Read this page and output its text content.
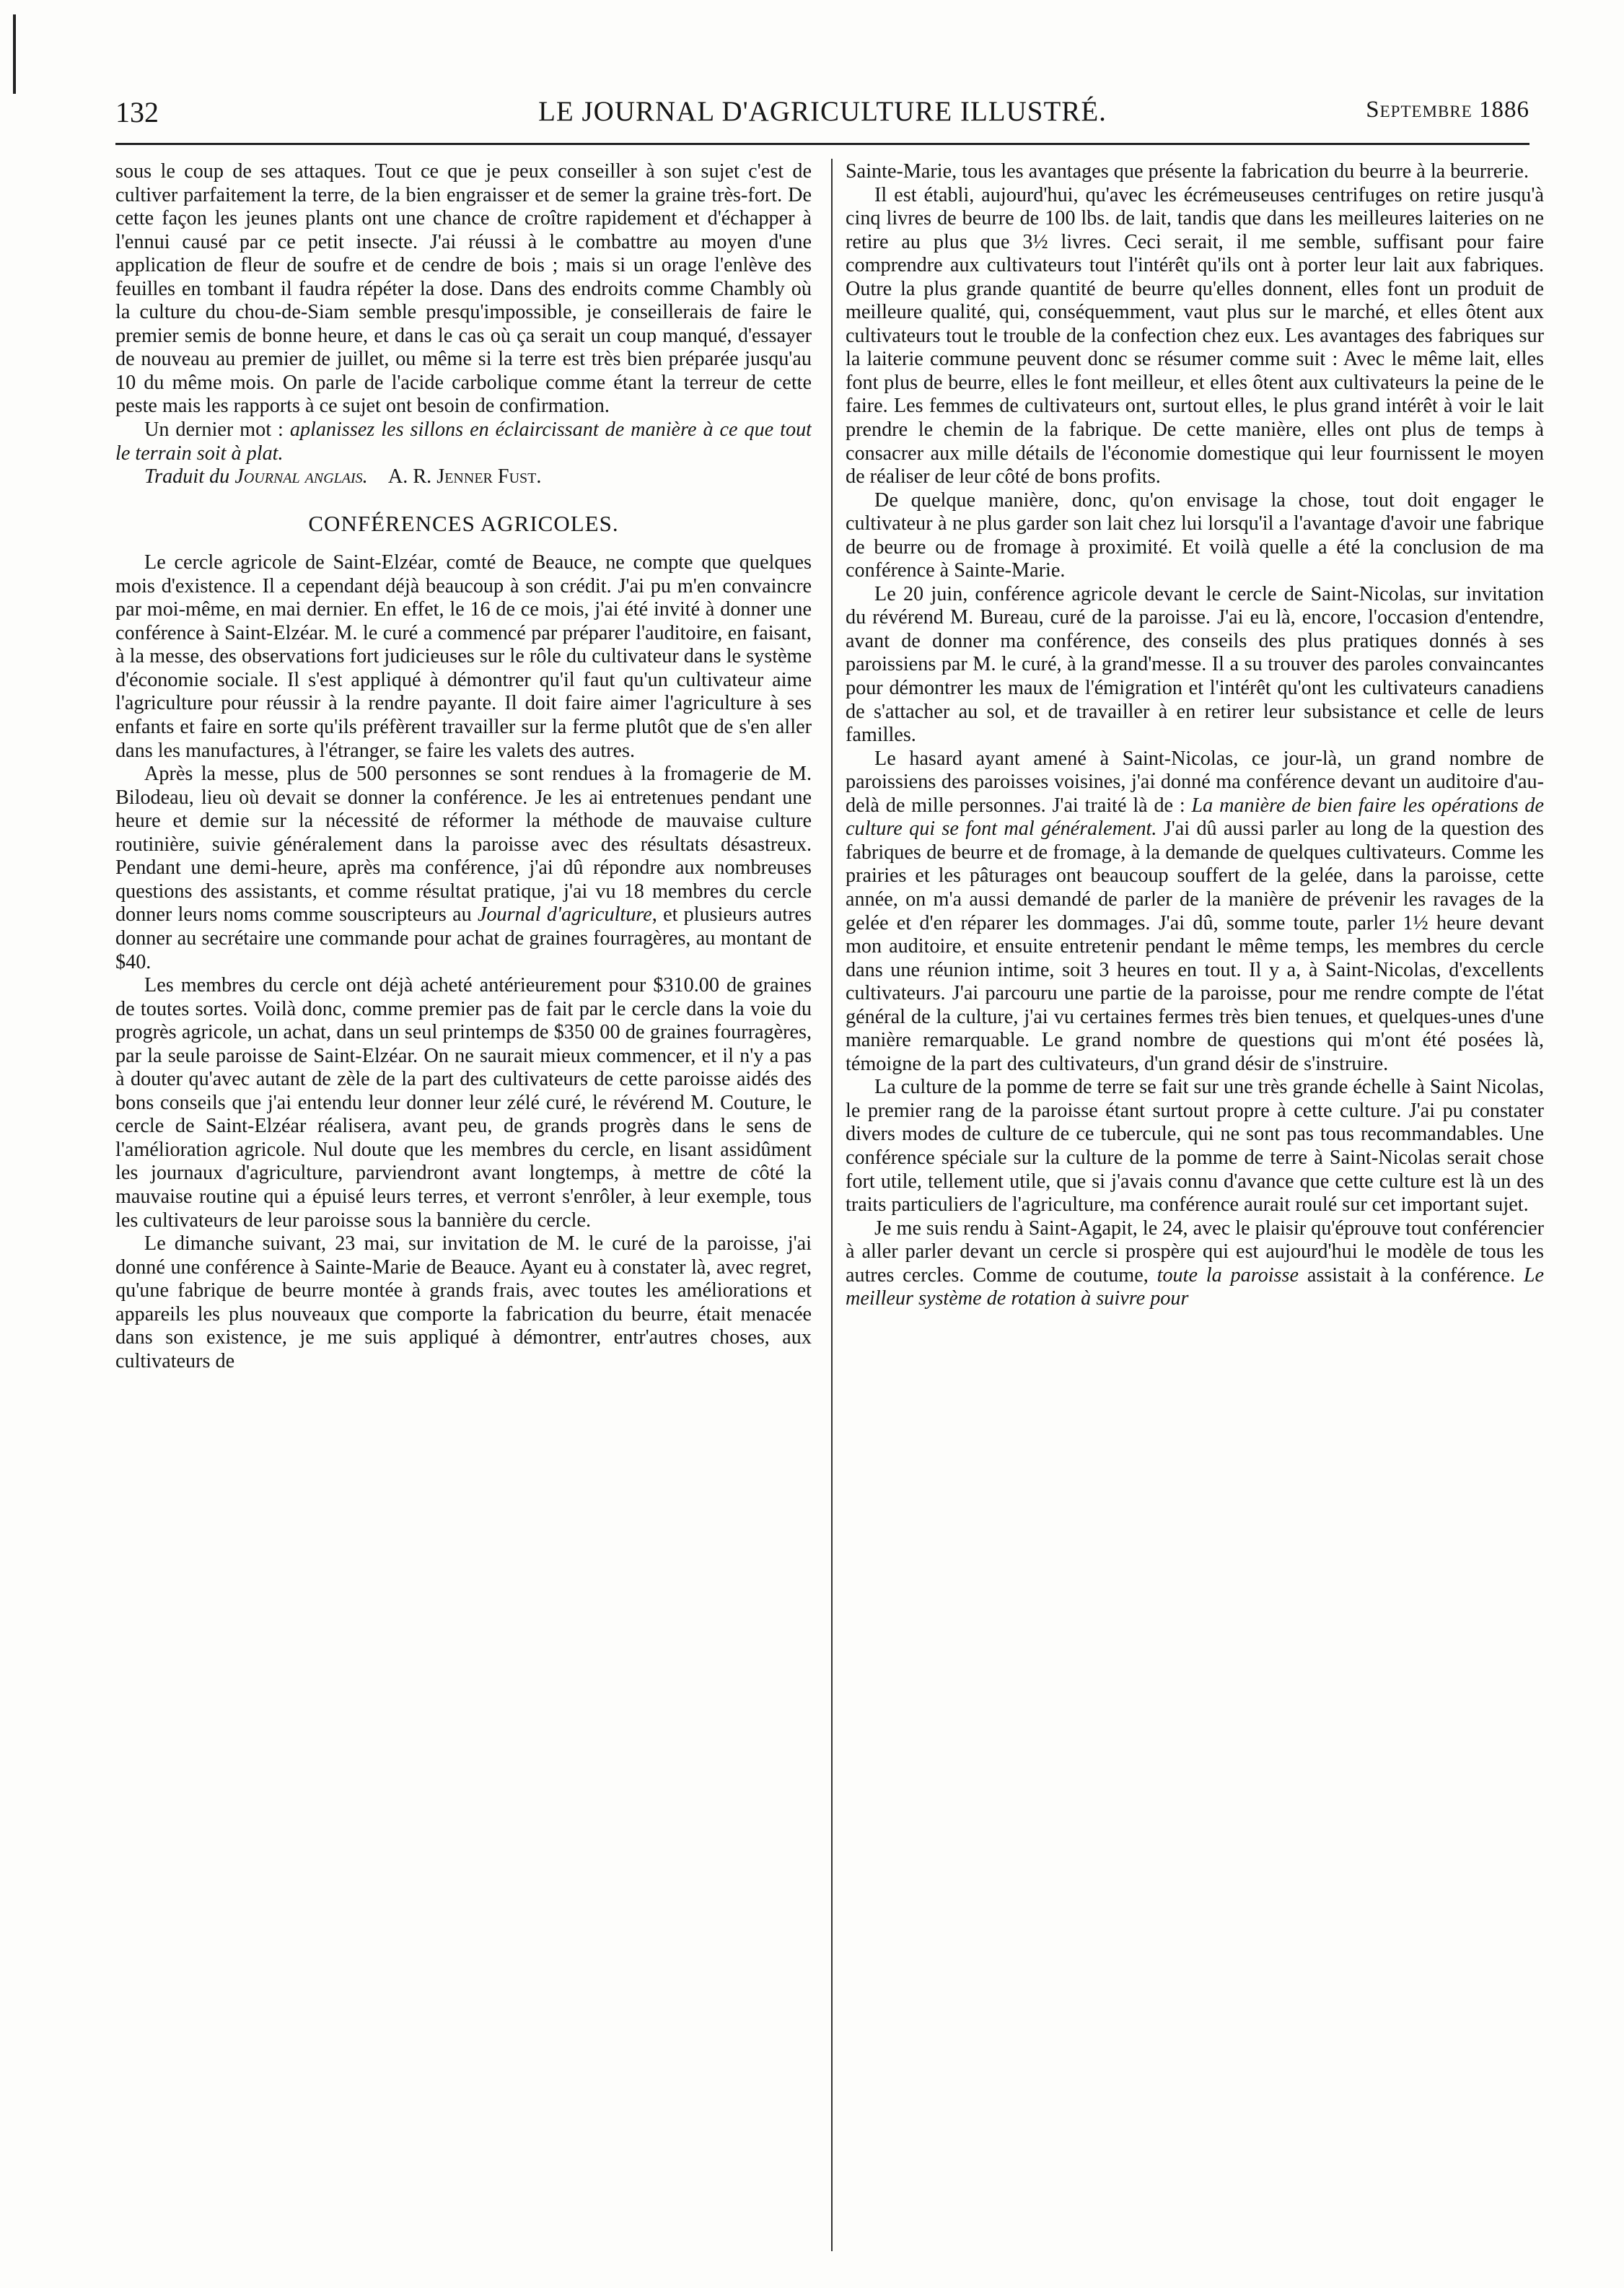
132	LE JOURNAL D'AGRICULTURE ILLUSTRÉ.	Septembre 1886

sous le coup de ses attaques. Tout ce que je peux conseiller à son sujet c'est de cultiver parfaitement la terre, de la bien engraisser et de semer la graine très-fort. De cette façon les jeunes plants ont une chance de croître rapidement et d'échapper à l'ennui causé par ce petit insecte. J'ai réussi à le combattre au moyen d'une application de fleur de soufre et de cendre de bois ; mais si un orage l'enlève des feuilles en tombant il faudra répéter la dose. Dans des endroits comme Chambly où la culture du chou-de-Siam semble presqu'impossible, je conseillerais de faire le premier semis de bonne heure, et dans le cas où ça serait un coup manqué, d'essayer de nouveau au premier de juillet, ou même si la terre est très bien préparée jusqu'au 10 du même mois. On parle de l'acide carbolique comme étant la terreur de cette peste mais les rapports à ce sujet ont besoin de confirmation.

Un dernier mot : aplanissez les sillons en éclaircissant de manière à ce que tout le terrain soit à plat.

Traduit du Journal anglais. A. R. Jenner Fust.

CONFÉRENCES AGRICOLES.

Le cercle agricole de Saint-Elzéar, comté de Beauce, ne compte que quelques mois d'existence. Il a cependant déjà beaucoup à son crédit. J'ai pu m'en convaincre par moi-même, en mai dernier. En effet, le 16 de ce mois, j'ai été invité à donner une conférence à Saint-Elzéar. M. le curé a commencé par préparer l'auditoire, en faisant, à la messe, des observations fort judicieuses sur le rôle du cultivateur dans le système d'économie sociale. Il s'est appliqué à démontrer qu'il faut qu'un cultivateur aime l'agriculture pour réussir à la rendre payante. Il doit faire aimer l'agriculture à ses enfants et faire en sorte qu'ils préfèrent travailler sur la ferme plutôt que de s'en aller dans les manufactures, à l'étranger, se faire les valets des autres.

Après la messe, plus de 500 personnes se sont rendues à la fromagerie de M. Bilodeau, lieu où devait se donner la conférence. Je les ai entretenues pendant une heure et demie sur la nécessité de réformer la méthode de mauvaise culture routinière, suivie généralement dans la paroisse avec des résultats désastreux. Pendant une demi-heure, après ma conférence, j'ai dû répondre aux nombreuses questions des assistants, et comme résultat pratique, j'ai vu 18 membres du cercle donner leurs noms comme souscripteurs au Journal d'agriculture, et plusieurs autres donner au secrétaire une commande pour achat de graines fourragères, au montant de $40.

Les membres du cercle ont déjà acheté antérieurement pour $310.00 de graines de toutes sortes. Voilà donc, comme premier pas de fait par le cercle dans la voie du progrès agricole, un achat, dans un seul printemps de $350 00 de graines fourragères, par la seule paroisse de Saint-Elzéar. On ne saurait mieux commencer, et il n'y a pas à douter qu'avec autant de zèle de la part des cultivateurs de cette paroisse aidés des bons conseils que j'ai entendu leur donner leur zélé curé, le révérend M. Couture, le cercle de Saint-Elzéar réalisera, avant peu, de grands progrès dans le sens de l'amélioration agricole. Nul doute que les membres du cercle, en lisant assidûment les journaux d'agriculture, parviendront avant longtemps, à mettre de côté la mauvaise routine qui a épuisé leurs terres, et verront s'enrôler, à leur exemple, tous les cultivateurs de leur paroisse sous la bannière du cercle.

Le dimanche suivant, 23 mai, sur invitation de M. le curé de la paroisse, j'ai donné une conférence à Sainte-Marie de Beauce. Ayant eu à constater là, avec regret, qu'une fabrique de beurre montée à grands frais, avec toutes les améliorations et appareils les plus nouveaux que comporte la fabrication du beurre, était menacée dans son existence, je me suis appliqué à démontrer, entr'autres choses, aux cultivateurs de

Sainte-Marie, tous les avantages que présente la fabrication du beurre à la beurrerie.

Il est établi, aujourd'hui, qu'avec les écrémeuseuses centrifuges on retire jusqu'à cinq livres de beurre de 100 lbs. de lait, tandis que dans les meilleures laiteries on ne retire au plus que 3½ livres. Ceci serait, il me semble, suffisant pour faire comprendre aux cultivateurs tout l'intérêt qu'ils ont à porter leur lait aux fabriques. Outre la plus grande quantité de beurre qu'elles donnent, elles font un produit de meilleure qualité, qui, conséquemment, vaut plus sur le marché, et elles ôtent aux cultivateurs tout le trouble de la confection chez eux. Les avantages des fabriques sur la laiterie commune peuvent donc se résumer comme suit : Avec le même lait, elles font plus de beurre, elles le font meilleur, et elles ôtent aux cultivateurs la peine de le faire. Les femmes de cultivateurs ont, surtout elles, le plus grand intérêt à voir le lait prendre le chemin de la fabrique. De cette manière, elles ont plus de temps à consacrer aux mille détails de l'économie domestique qui leur fournissent le moyen de réaliser de leur côté de bons profits.

De quelque manière, donc, qu'on envisage la chose, tout doit engager le cultivateur à ne plus garder son lait chez lui lorsqu'il a l'avantage d'avoir une fabrique de beurre ou de fromage à proximité. Et voilà quelle a été la conclusion de ma conférence à Sainte-Marie.

Le 20 juin, conférence agricole devant le cercle de Saint-Nicolas, sur invitation du révérend M. Bureau, curé de la paroisse. J'ai eu là, encore, l'occasion d'entendre, avant de donner ma conférence, des conseils des plus pratiques donnés à ses paroissiens par M. le curé, à la grand'messe. Il a su trouver des paroles convaincantes pour démontrer les maux de l'émigration et l'intérêt qu'ont les cultivateurs canadiens de s'attacher au sol, et de travailler à en retirer leur subsistance et celle de leurs familles.

Le hasard ayant amené à Saint-Nicolas, ce jour-là, un grand nombre de paroissiens des paroisses voisines, j'ai donné ma conférence devant un auditoire d'au-delà de mille personnes. J'ai traité là de : La manière de bien faire les opérations de culture qui se font mal généralement. J'ai dû aussi parler au long de la question des fabriques de beurre et de fromage, à la demande de quelques cultivateurs. Comme les prairies et les pâturages ont beaucoup souffert de la gelée, dans la paroisse, cette année, on m'a aussi demandé de parler de la manière de prévenir les ravages de la gelée et d'en réparer les dommages. J'ai dû, somme toute, parler 1½ heure devant mon auditoire, et ensuite entretenir pendant le même temps, les membres du cercle dans une réunion intime, soit 3 heures en tout. Il y a, à Saint-Nicolas, d'excellents cultivateurs. J'ai parcouru une partie de la paroisse, pour me rendre compte de l'état général de la culture, j'ai vu certaines fermes très bien tenues, et quelques-unes d'une manière remarquable. Le grand nombre de questions qui m'ont été posées là, témoigne de la part des cultivateurs, d'un grand désir de s'instruire.

La culture de la pomme de terre se fait sur une très grande échelle à Saint Nicolas, le premier rang de la paroisse étant surtout propre à cette culture. J'ai pu constater divers modes de culture de ce tubercule, qui ne sont pas tous recommandables. Une conférence spéciale sur la culture de la pomme de terre à Saint-Nicolas serait chose fort utile, tellement utile, que si j'avais connu d'avance que cette culture est là un des traits particuliers de l'agriculture, ma conférence aurait roulé sur cet important sujet.

Je me suis rendu à Saint-Agapit, le 24, avec le plaisir qu'éprouve tout conférencier à aller parler devant un cercle si prospère qui est aujourd'hui le modèle de tous les autres cercles. Comme de coutume, toute la paroisse assistait à la conférence. Le meilleur système de rotation à suivre pour
